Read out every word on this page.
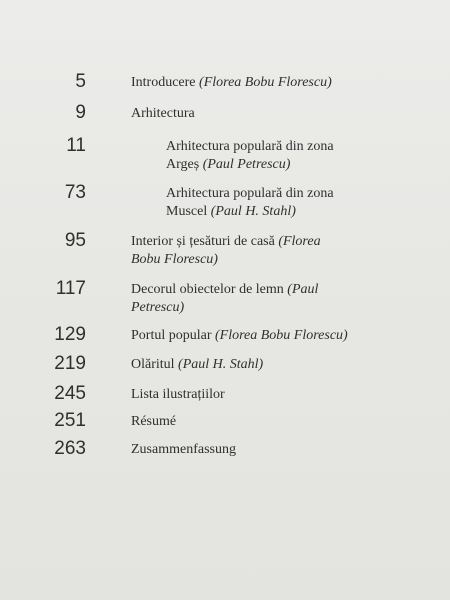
5	Introducere (Florea Bobu Florescu)
9	Arhitectura
11	Arhitectura populară din zona
Argeș (Paul Petrescu)
73	Arhitectura populară din zona
Muscel (Paul H. Stahl)
95	Interior și țesături de casă (Florea
Bobu Florescu)
117	Decorul obiectelor de lemn (Paul
Petrescu)
129	Portul popular (Florea Bobu Florescu)
219	Olăritul (Paul H. Stahl)
245	Lista ilustrațiilor
251	Résumé
263	Zusammenfassung
